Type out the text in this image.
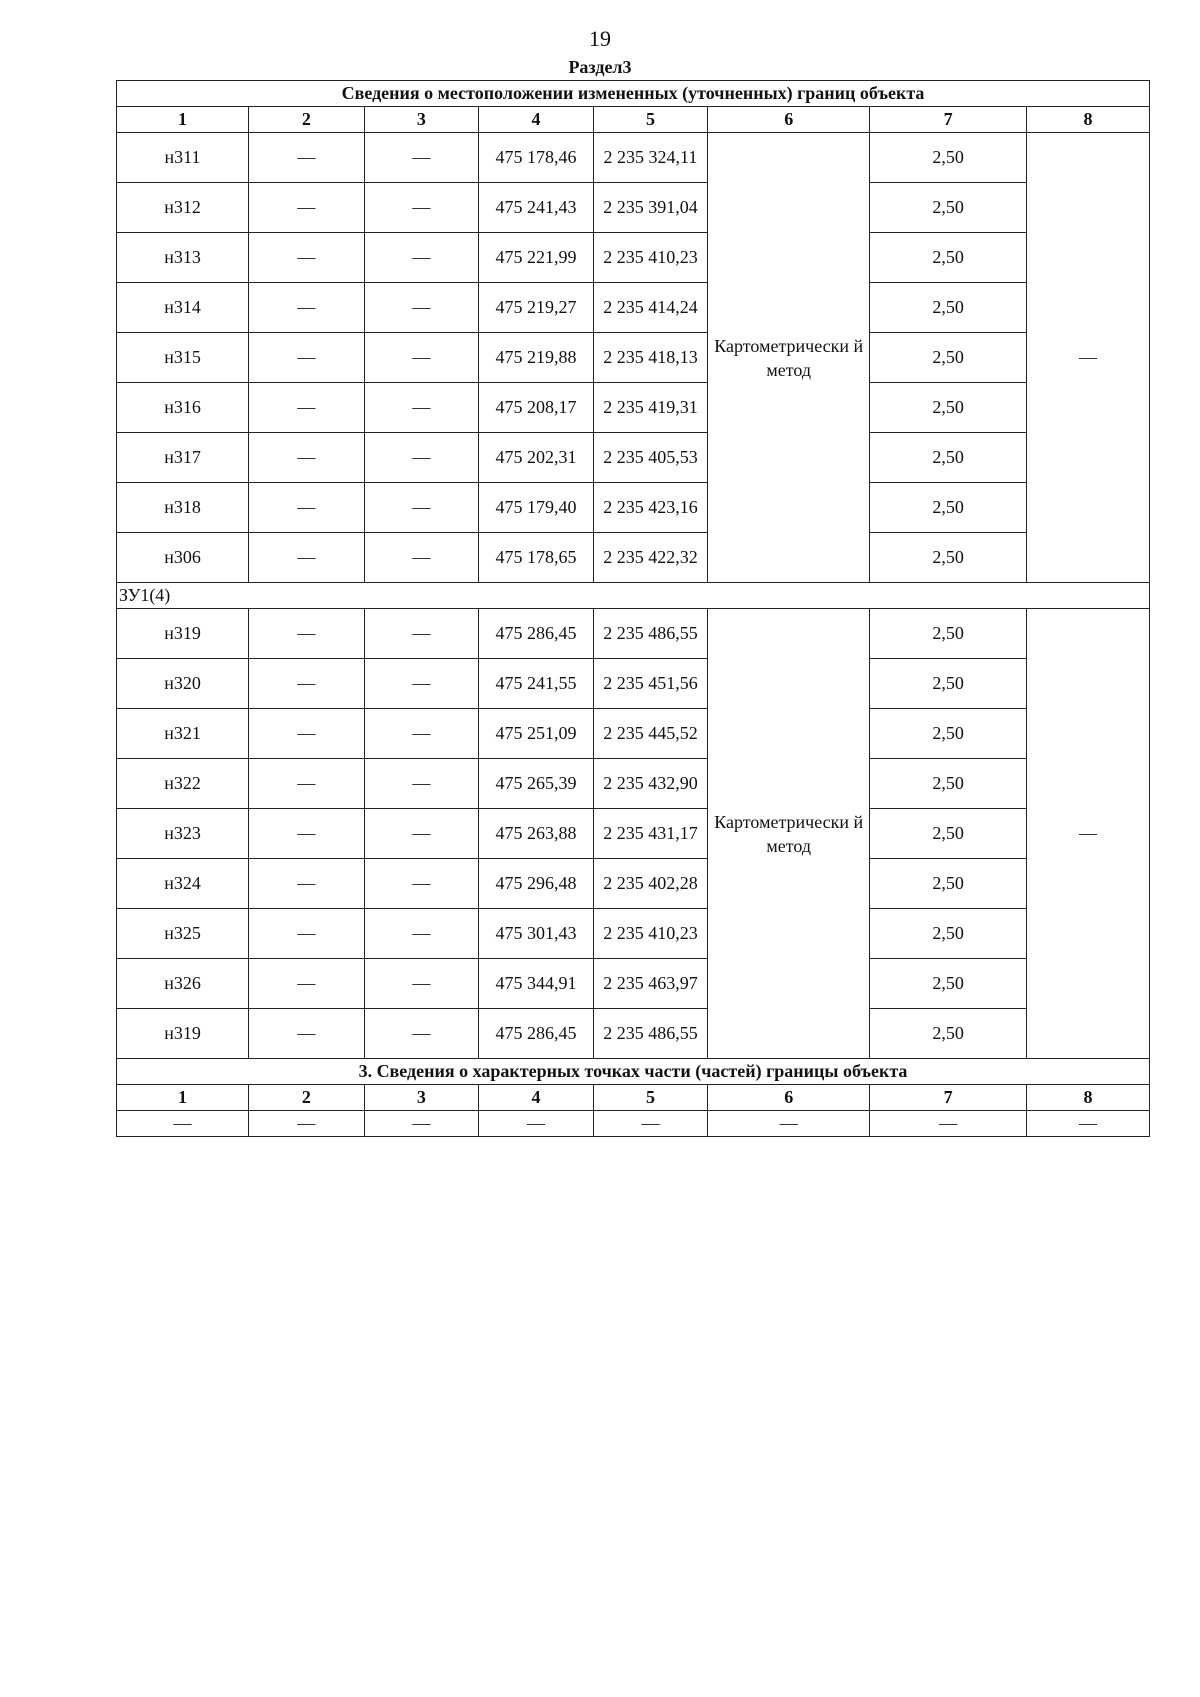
19
Раздел3
Сведения о местоположении измененных (уточненных) границ объекта							
1	2	3	4	5	6	7	8
н311	—	—	475 178,46	2 235 324,11	Картометрически й метод	2,50	—
н312	—	—	475 241,43	2 235 391,04		2,50	
н313	—	—	475 221,99	2 235 410,23		2,50	
н314	—	—	475 219,27	2 235 414,24		2,50	
н315	—	—	475 219,88	2 235 418,13		2,50	
н316	—	—	475 208,17	2 235 419,31		2,50	
н317	—	—	475 202,31	2 235 405,53		2,50	
н318	—	—	475 179,40	2 235 423,16		2,50	
н306	—	—	475 178,65	2 235 422,32		2,50	
ЗУ1(4)							
н319	—	—	475 286,45	2 235 486,55	Картометрически й метод	2,50	—
н320	—	—	475 241,55	2 235 451,56		2,50	
н321	—	—	475 251,09	2 235 445,52		2,50	
н322	—	—	475 265,39	2 235 432,90		2,50	
н323	—	—	475 263,88	2 235 431,17		2,50	
н324	—	—	475 296,48	2 235 402,28		2,50	
н325	—	—	475 301,43	2 235 410,23		2,50	
н326	—	—	475 344,91	2 235 463,97		2,50	
н319	—	—	475 286,45	2 235 486,55		2,50	
3. Сведения о характерных точках части (частей) границы объекта							
1	2	3	4	5	6	7	8
—	—	—	—	—	—	—	—
